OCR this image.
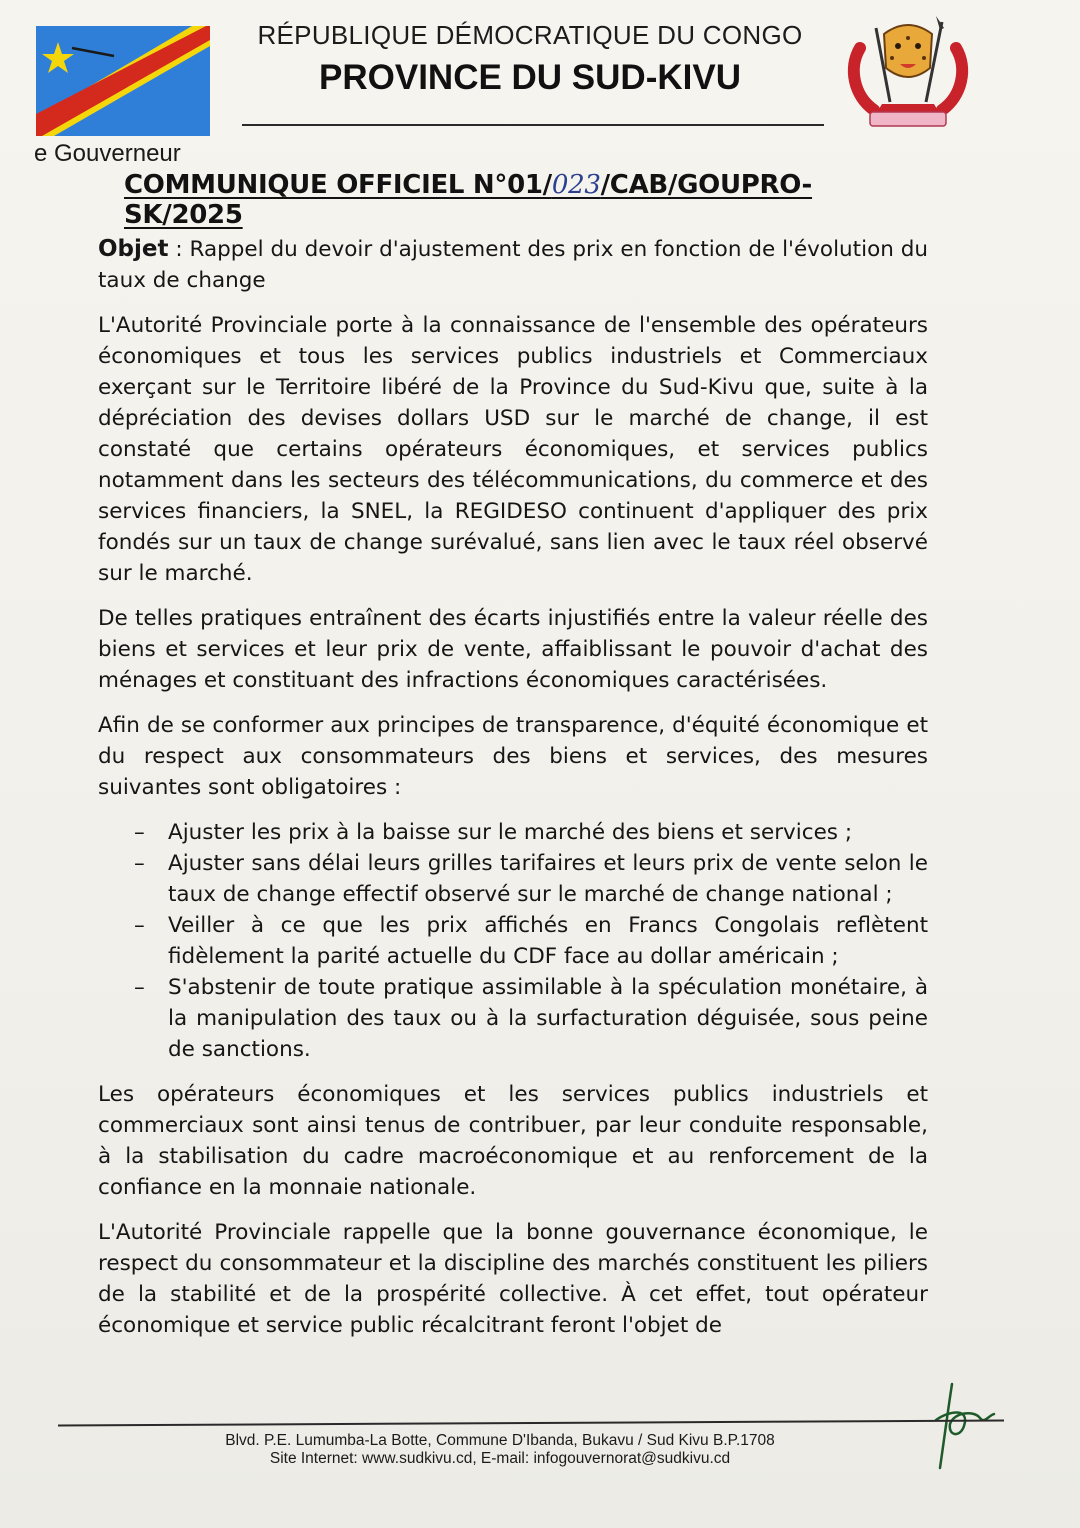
e Gouverneur
RÉPUBLIQUE DÉMOCRATIQUE DU CONGO
PROVINCE DU SUD-KIVU
COMMUNIQUE OFFICIEL N°01/023/CAB/GOUPRO-SK/2025

Objet : Rappel du devoir d'ajustement des prix en fonction de l'évolution du taux de change

L'Autorité Provinciale porte à la connaissance de l'ensemble des opérateurs économiques et tous les services publics industriels et Commerciaux exerçant sur le Territoire libéré de la Province du Sud-Kivu que, suite à la dépréciation des devises dollars USD sur le marché de change, il est constaté que certains opérateurs économiques, et services publics notamment dans les secteurs des télécommunications, du commerce et des services financiers, la SNEL, la REGIDESO continuent d'appliquer des prix fondés sur un taux de change surévalué, sans lien avec le taux réel observé sur le marché.

De telles pratiques entraînent des écarts injustifiés entre la valeur réelle des biens et services et leur prix de vente, affaiblissant le pouvoir d'achat des ménages et constituant des infractions économiques caractérisées.

Afin de se conformer aux principes de transparence, d'équité économique et du respect aux consommateurs des biens et services, des mesures suivantes sont obligatoires :

– Ajuster les prix à la baisse sur le marché des biens et services ;
– Ajuster sans délai leurs grilles tarifaires et leurs prix de vente selon le taux de change effectif observé sur le marché de change national ;
– Veiller à ce que les prix affichés en Francs Congolais reflètent fidèlement la parité actuelle du CDF face au dollar américain ;
– S'abstenir de toute pratique assimilable à la spéculation monétaire, à la manipulation des taux ou à la surfacturation déguisée, sous peine de sanctions.

Les opérateurs économiques et les services publics industriels et commerciaux sont ainsi tenus de contribuer, par leur conduite responsable, à la stabilisation du cadre macroéconomique et au renforcement de la confiance en la monnaie nationale.

L'Autorité Provinciale rappelle que la bonne gouvernance économique, le respect du consommateur et la discipline des marchés constituent les piliers de la stabilité et de la prospérité collective. À cet effet, tout opérateur économique et service public récalcitrant feront l'objet de

Blvd. P.E. Lumumba-La Botte, Commune D'Ibanda, Bukavu / Sud Kivu B.P.1708
Site Internet: www.sudkivu.cd, E-mail: infogouvernorat@sudkivu.cd
